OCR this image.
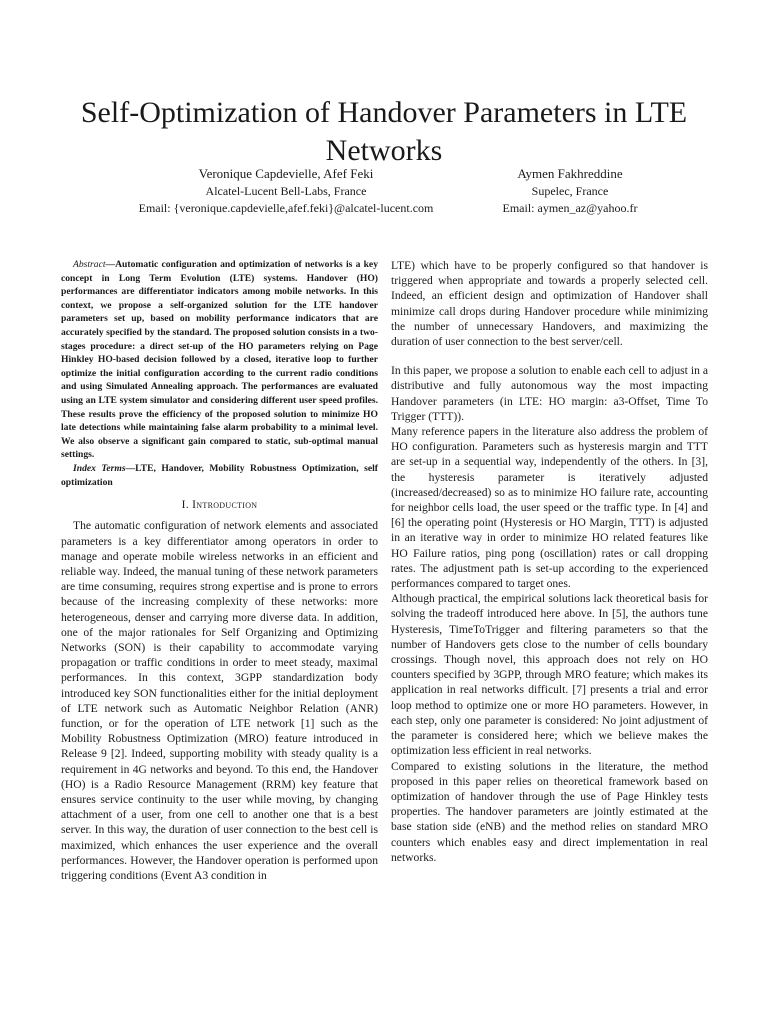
Self-Optimization of Handover Parameters in LTE Networks
Veronique Capdevielle, Afef Feki
Alcatel-Lucent Bell-Labs, France
Email: {veronique.capdevielle,afef.feki}@alcatel-lucent.com
Aymen Fakhreddine
Supelec, France
Email: aymen_az@yahoo.fr

Abstract—Automatic configuration and optimization of networks is a key concept in Long Term Evolution (LTE) systems. Handover (HO) performances are differentiator indicators among mobile networks. In this context, we propose a self-organized solution for the LTE handover parameters set up, based on mobility performance indicators that are accurately specified by the standard. The proposed solution consists in a two-stages procedure: a direct set-up of the HO parameters relying on Page Hinkley HO-based decision followed by a closed, iterative loop to further optimize the initial configuration according to the current radio conditions and using Simulated Annealing approach. The performances are evaluated using an LTE system simulator and considering different user speed profiles. These results prove the efficiency of the proposed solution to minimize HO late detections while maintaining false alarm probability to a minimal level. We also observe a significant gain compared to static, sub-optimal manual settings.

Index Terms—LTE, Handover, Mobility Robustness Optimization, self optimization

I. Introduction

The automatic configuration of network elements and associated parameters is a key differentiator among operators in order to manage and operate mobile wireless networks in an efficient and reliable way. Indeed, the manual tuning of these network parameters are time consuming, requires strong expertise and is prone to errors because of the increasing complexity of these networks: more heterogeneous, denser and carrying more diverse data. In addition, one of the major rationales for Self Organizing and Optimizing Networks (SON) is their capability to accommodate varying propagation or traffic conditions in order to meet steady, maximal performances. In this context, 3GPP standardization body introduced key SON functionalities either for the initial deployment of LTE network such as Automatic Neighbor Relation (ANR) function, or for the operation of LTE network [1] such as the Mobility Robustness Optimization (MRO) feature introduced in Release 9 [2]. Indeed, supporting mobility with steady quality is a requirement in 4G networks and beyond. To this end, the Handover (HO) is a Radio Resource Management (RRM) key feature that ensures service continuity to the user while moving, by changing attachment of a user, from one cell to another one that is a best server. In this way, the duration of user connection to the best cell is maximized, which enhances the user experience and the overall performances. However, the Handover operation is performed upon triggering conditions (Event A3 condition in

LTE) which have to be properly configured so that handover is triggered when appropriate and towards a properly selected cell. Indeed, an efficient design and optimization of Handover shall minimize call drops during Handover procedure while minimizing the number of unnecessary Handovers, and maximizing the duration of user connection to the best server/cell.

In this paper, we propose a solution to enable each cell to adjust in a distributive and fully autonomous way the most impacting Handover parameters (in LTE: HO margin: a3-Offset, Time To Trigger (TTT)).

Many reference papers in the literature also address the problem of HO configuration. Parameters such as hysteresis margin and TTT are set-up in a sequential way, independently of the others. In [3], the hysteresis parameter is iteratively adjusted (increased/decreased) so as to minimize HO failure rate, accounting for neighbor cells load, the user speed or the traffic type. In [4] and [6] the operating point (Hysteresis or HO Margin, TTT) is adjusted in an iterative way in order to minimize HO related features like HO Failure ratios, ping pong (oscillation) rates or call dropping rates. The adjustment path is set-up according to the experienced performances compared to target ones.

Although practical, the empirical solutions lack theoretical basis for solving the tradeoff introduced here above. In [5], the authors tune Hysteresis, TimeToTrigger and filtering parameters so that the number of Handovers gets close to the number of cells boundary crossings. Though novel, this approach does not rely on HO counters specified by 3GPP, through MRO feature; which makes its application in real networks difficult. [7] presents a trial and error loop method to optimize one or more HO parameters. However, in each step, only one parameter is considered: No joint adjustment of the parameter is considered here; which we believe makes the optimization less efficient in real networks.

Compared to existing solutions in the literature, the method proposed in this paper relies on theoretical framework based on optimization of handover through the use of Page Hinkley tests properties. The handover parameters are jointly estimated at the base station side (eNB) and the method relies on standard MRO counters which enables easy and direct implementation in real networks.
